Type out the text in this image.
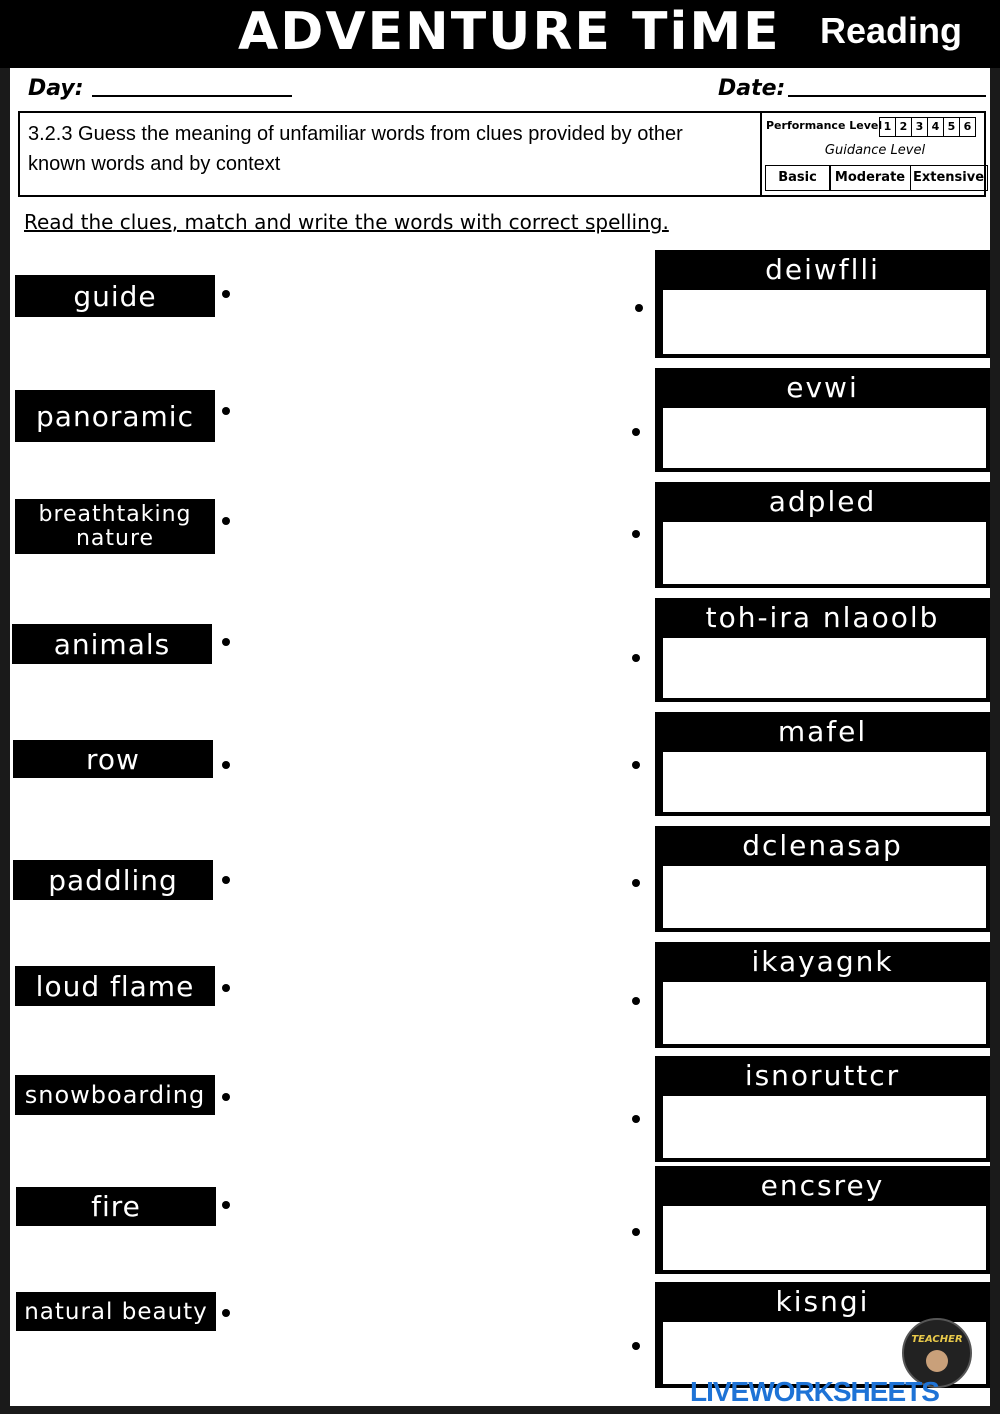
ADVENTURE TiME Reading
Day:	Date:
3.2.3 Guess the meaning of unfamiliar words from clues provided by other known words and by context
Performance Level 1 2 3 4 5 6
Guidance Level
Basic	Moderate Extensive
Read the clues, match and write the words with correct spelling.
guide
panoramic
breathtaking nature
animals
row
paddling
loud flame
snowboarding
fire
natural beauty
deiwflli
evwi
adpled
toh-ira nlaoolb
mafel
dclenasap
ikayagnk
isnoruttcr
encsrey
kisngi
TEACHER
LIVEWORKSHEETS
